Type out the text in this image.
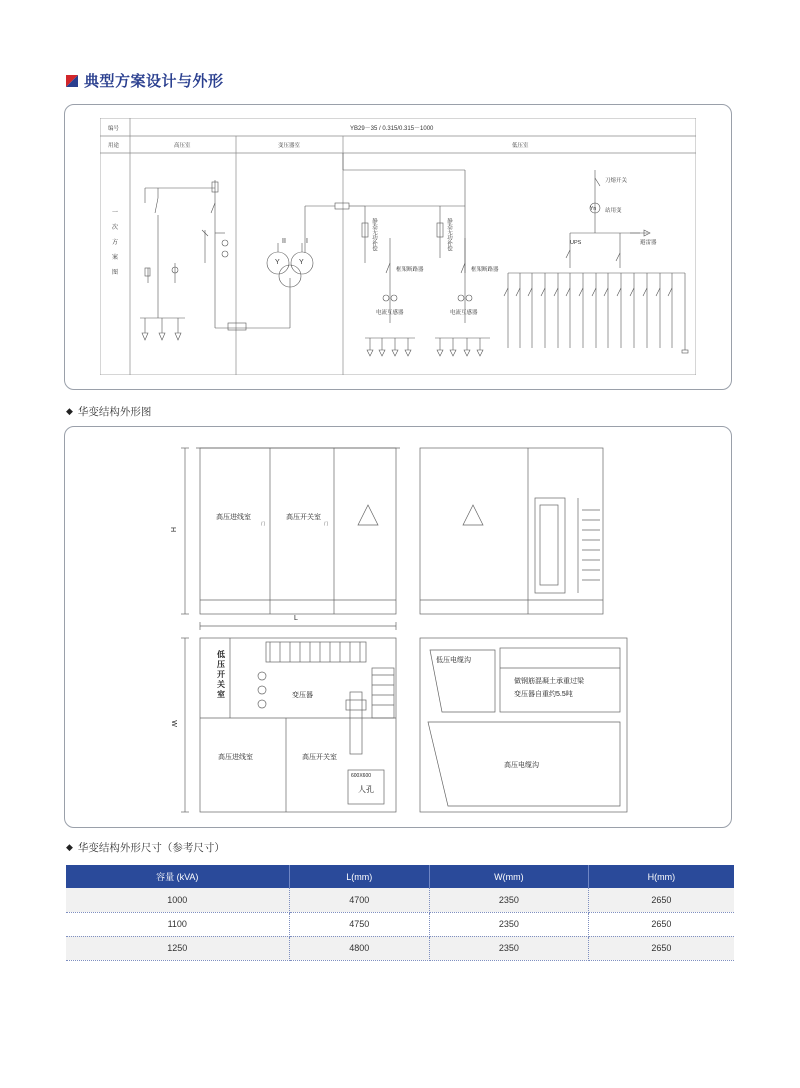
典型方案设计与外形
编号	YB29－35 / 0.315/0.315－1000
用途	高压室	变压器室	低压室
一
次
方
案
图
刀熔开关
站用变
UPS	避雷器
静态无功补偿	静态无功补偿
框架断路器	框架断路器
电流互感器	电流互感器
II	I
Y	Y
Yn
◆ 华变结构外形图
H
L
W
高压进线室	高压开关室
门	门
低压开关室	变压器
高压进线室	高压开关室
600X600
人孔
低压电缆沟
做钢筋混凝土承重过梁
变压器自重约5.5吨
高压电缆沟
◆ 华变结构外形尺寸（参考尺寸）
容量 (kVA)	L(mm)	W(mm)	H(mm)
1000	4700	2350	2650
1100	4750	2350	2650
1250	4800	2350	2650
